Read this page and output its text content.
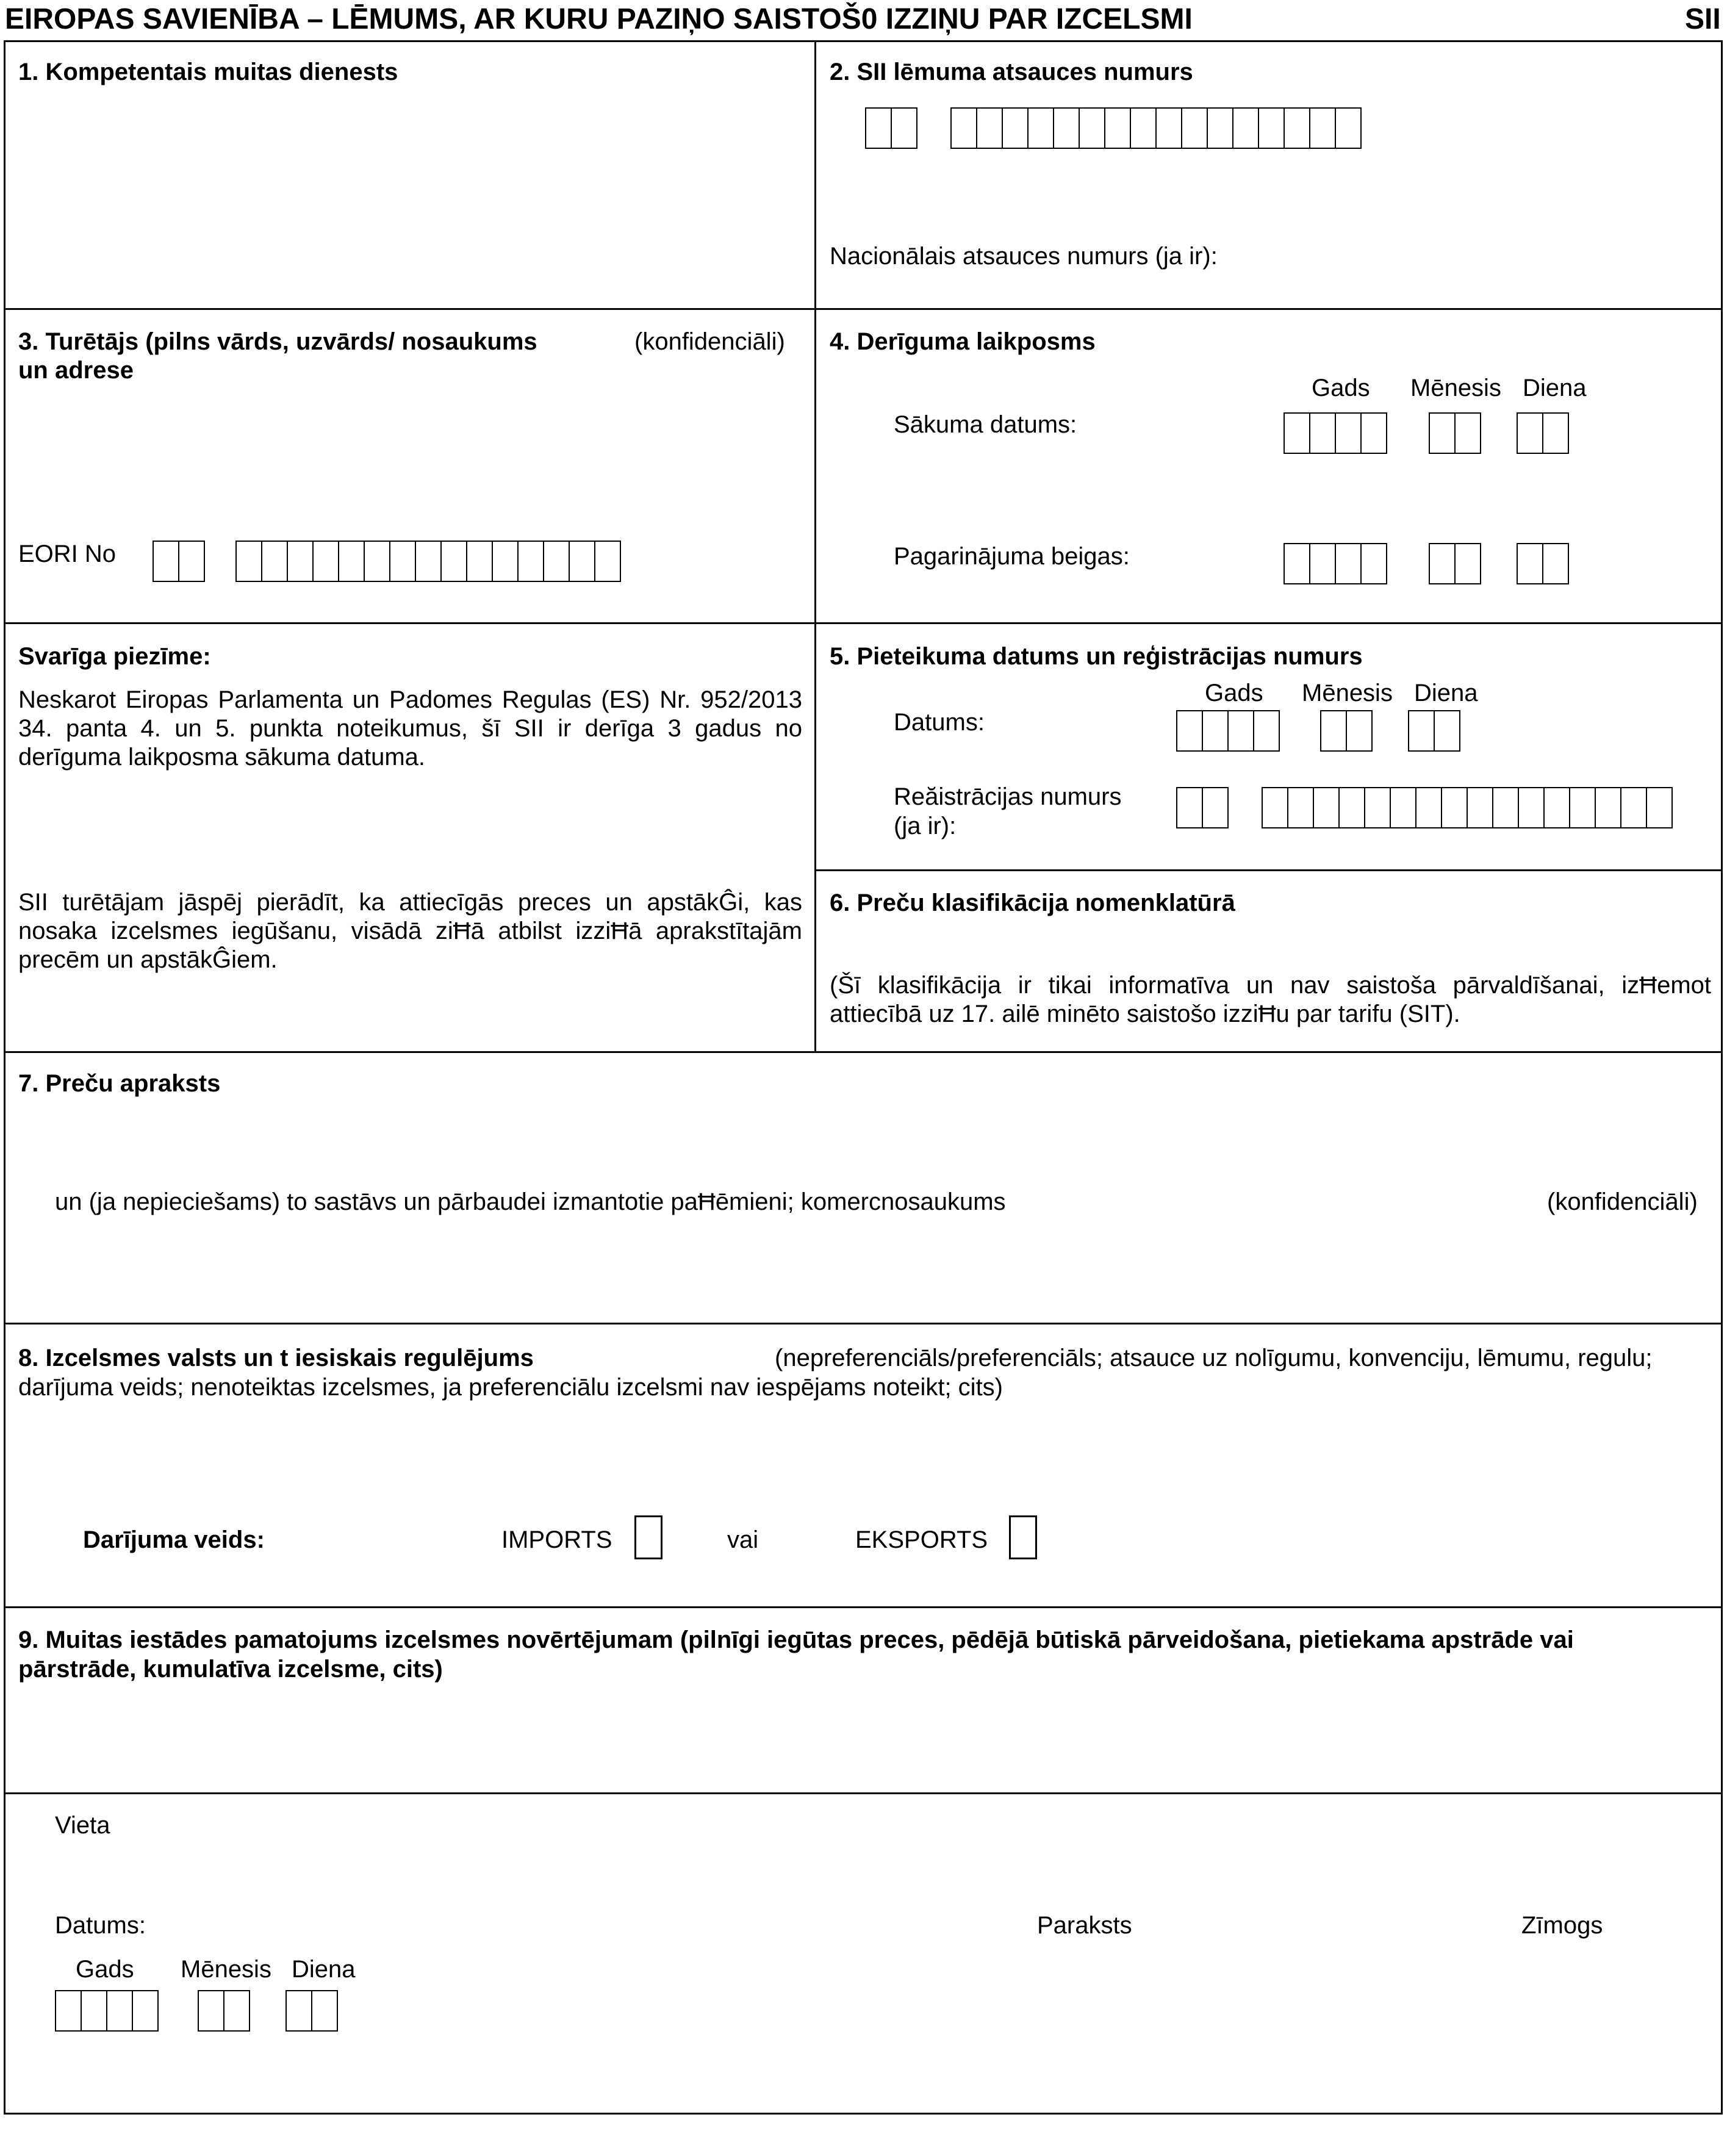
EIROPAS SAVIENĪBA – LĒMUMS, AR KURU PAZIŅO SAISTOŠ0 IZZIŅU PAR IZCELSMI	SII
1. Kompetentais muitas dienests	2. SII lēmuma atsauces numurs
Nacionālais atsauces numurs (ja ir):
3. Turētājs (pilns vārds, uzvārds/ nosaukums
un adrese
(konfidenciāli)
EORI No
4. Derīguma laikposms
Gads Mēnesis Diena
Sākuma datums:
Pagarinājuma beigas:
Svarīga piezīme:
Neskarot Eiropas Parlamenta un Padomes Regulas (ES) Nr. 952/2013 34. panta 4. un 5. punkta noteikumus, šī SII ir derīga 3 gadus no derīguma laikposma sākuma datuma.
SII turētājam jāspēj pierādīt, ka attiecīgās preces un apstākĜi, kas nosaka izcelsmes iegūšanu, visādā ziĦā atbilst izziĦā aprakstītajām precēm un apstākĜiem.
5. Pieteikuma datums un reģistrācijas numurs
Gads Mēnesis Diena
Datums:
Reăistrācijas numurs
(ja ir):
6. Preču klasifikācija nomenklatūrā
(Šī klasifikācija ir tikai informatīva un nav saistoša pārvaldīšanai, izĦemot attiecībā uz 17. ailē minēto saistošo izziĦu par tarifu (SIT).
7. Preču apraksts
un (ja nepieciešams) to sastāvs un pārbaudei izmantotie paĦēmieni; komercnosaukums	(konfidenciāli)
8. Izcelsmes valsts un t iesiskais regulējums	(nepreferenciāls/preferenciāls; atsauce uz nolīgumu, konvenciju, lēmumu, regulu;
darījuma veids; nenoteiktas izcelsmes, ja preferenciālu izcelsmi nav iespējams noteikt; cits)
Darījuma veids:	IMPORTS	vai	EKSPORTS
9. Muitas iestādes pamatojums izcelsmes novērtējumam (pilnīgi iegūtas preces, pēdējā būtiskā pārveidošana, pietiekama apstrāde vai
pārstrāde, kumulatīva izcelsme, cits)
Vieta
Datums:	Paraksts	Zīmogs
Gads Mēnesis Diena
